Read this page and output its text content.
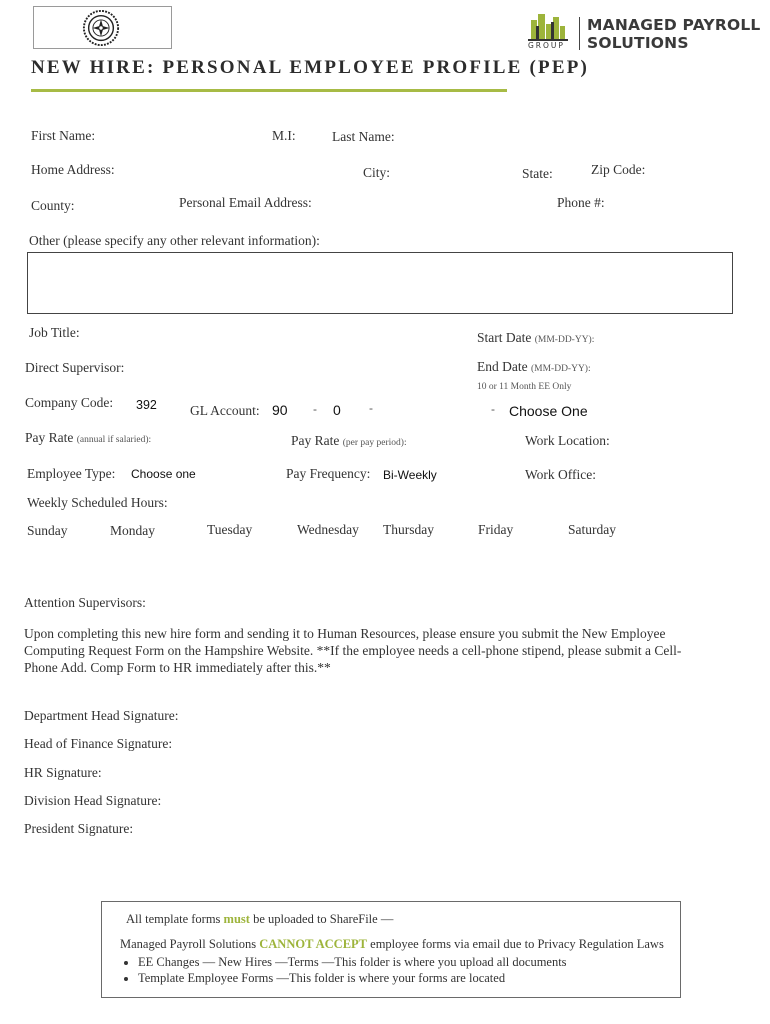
GROUP
MANAGED PAYROLL
SOLUTIONS
NEW HIRE: PERSONAL EMPLOYEE PROFILE (PEP)
First Name:	M.I:	Last Name:
Home Address:	City:	State:	Zip Code:
County:	Personal Email Address:	Phone #:
Other (please specify any other relevant information):
Job Title:	Start Date (MM-DD-YY):
Direct Supervisor:	End Date (MM-DD-YY):
10 or 11 Month EE Only
Company Code: 392 GL Account: 90 - 0 -	- Choose One
Pay Rate (annual if salaried):	Pay Rate (per pay period):	Work Location:
Employee Type: Choose one	Pay Frequency: Bi-Weekly	Work Office:
Weekly Scheduled Hours:
Sunday	Monday	Tuesday	Wednesday Thursday	Friday	Saturday
Attention Supervisors:
Upon completing this new hire form and sending it to Human Resources, please ensure you submit the New Employee Computing Request Form on the Hampshire Website. **If the employee needs a cell-phone stipend, please submit a Cell-Phone Add. Comp Form to HR immediately after this.**
Department Head Signature:
Head of Finance Signature:
HR Signature:
Division Head Signature:
President Signature:
All template forms must be uploaded to ShareFile —
Managed Payroll Solutions CANNOT ACCEPT employee forms via email due to Privacy Regulation Laws
• EE Changes — New Hires —Terms —This folder is where you upload all documents
• Template Employee Forms —This folder is where your forms are located
